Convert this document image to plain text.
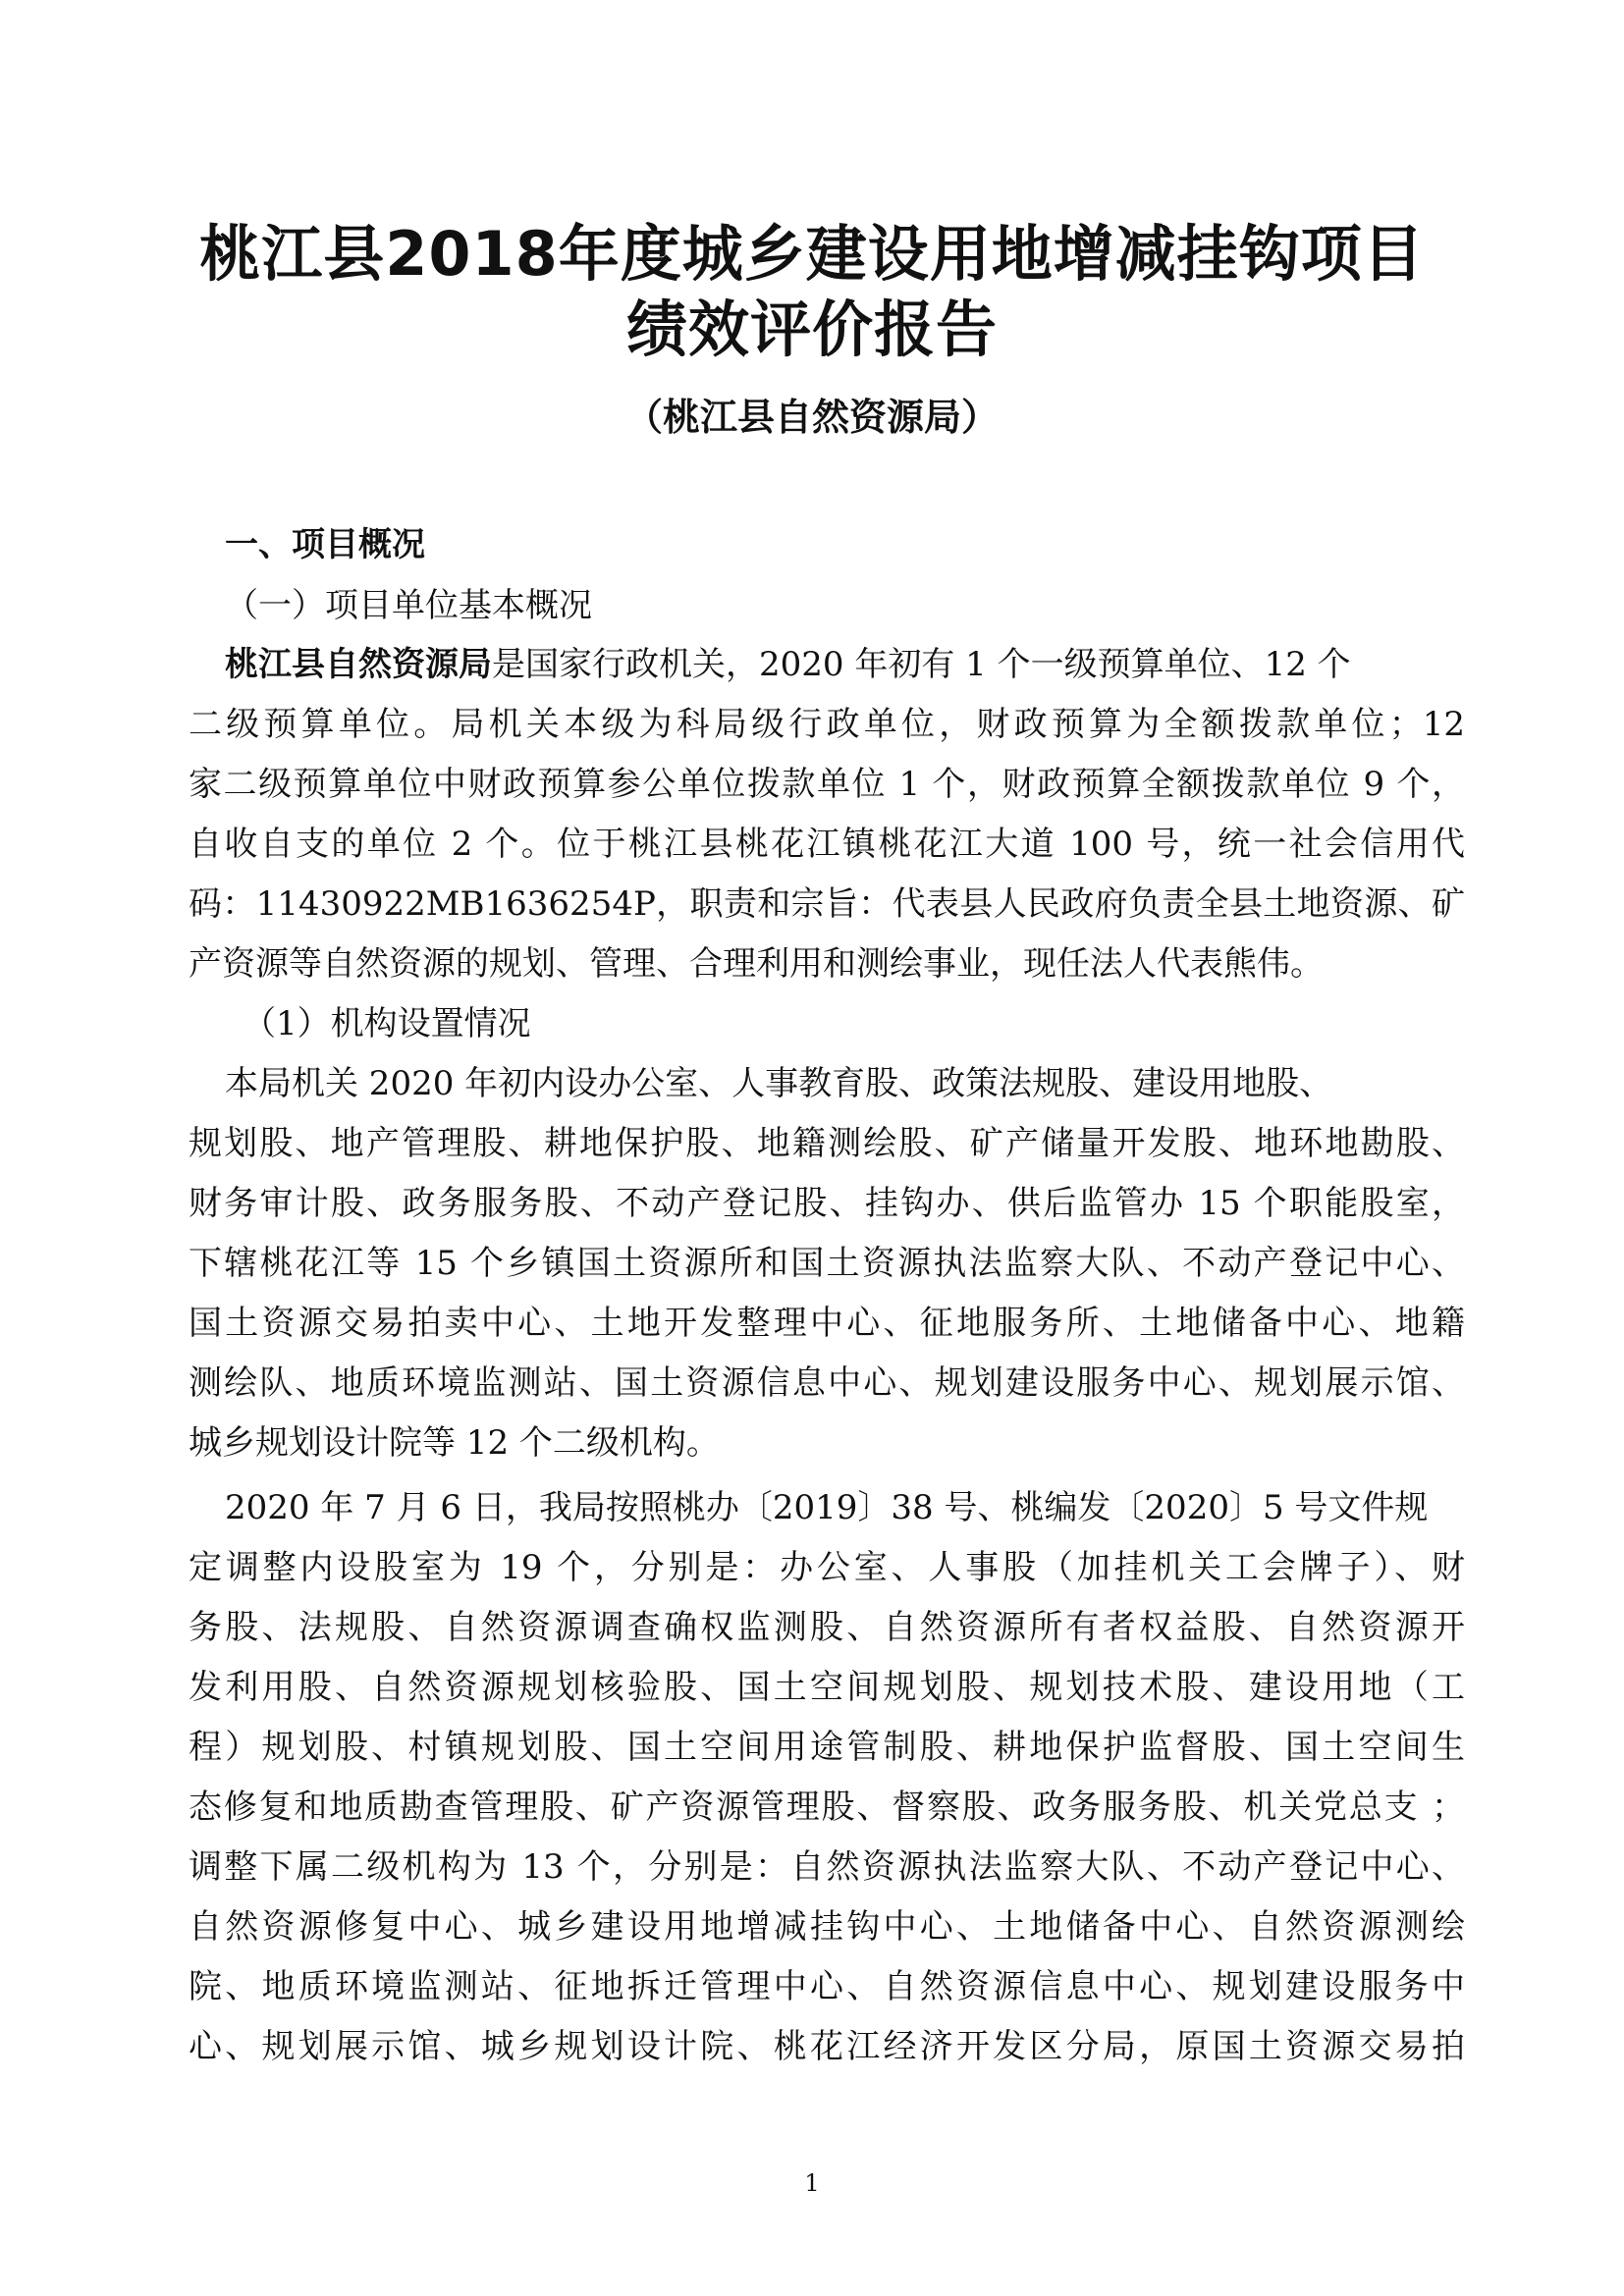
桃江县2018年度城乡建设用地增减挂钩项目
绩效评价报告
（桃江县自然资源局）
一、项目概况
（一）项目单位基本概况
桃江县自然资源局是国家行政机关，2020 年初有 1 个一级预算单位、12 个
二级预算单位。局机关本级为科局级行政单位，财政预算为全额拨款单位；12
家二级预算单位中财政预算参公单位拨款单位 1 个，财政预算全额拨款单位 9 个，
自收自支的单位 2 个。位于桃江县桃花江镇桃花江大道 100 号，统一社会信用代
码：11430922MB1636254P，职责和宗旨：代表县人民政府负责全县土地资源、矿
产资源等自然资源的规划、管理、合理利用和测绘事业，现任法人代表熊伟。
（1）机构设置情况
本局机关 2020 年初内设办公室、人事教育股、政策法规股、建设用地股、
规划股、地产管理股、耕地保护股、地籍测绘股、矿产储量开发股、地环地勘股、
财务审计股、政务服务股、不动产登记股、挂钩办、供后监管办 15 个职能股室，
下辖桃花江等 15 个乡镇国土资源所和国土资源执法监察大队、不动产登记中心、
国土资源交易拍卖中心、土地开发整理中心、征地服务所、土地储备中心、地籍
测绘队、地质环境监测站、国土资源信息中心、规划建设服务中心、规划展示馆、
城乡规划设计院等 12 个二级机构。
2020 年 7 月 6 日，我局按照桃办〔2019〕38 号、桃编发〔2020〕5 号文件规
定调整内设股室为 19 个，分别是：办公室、人事股（加挂机关工会牌子）、财
务股、法规股、自然资源调查确权监测股、自然资源所有者权益股、自然资源开
发利用股、自然资源规划核验股、国土空间规划股、规划技术股、建设用地（工
程）规划股、村镇规划股、国土空间用途管制股、耕地保护监督股、国土空间生
态修复和地质勘查管理股、矿产资源管理股、督察股、政务服务股、机关党总支 ；
调整下属二级机构为 13 个，分别是：自然资源执法监察大队、不动产登记中心、
自然资源修复中心、城乡建设用地增减挂钩中心、土地储备中心、自然资源测绘
院、地质环境监测站、征地拆迁管理中心、自然资源信息中心、规划建设服务中
心、规划展示馆、城乡规划设计院、桃花江经济开发区分局，原国土资源交易拍
1
